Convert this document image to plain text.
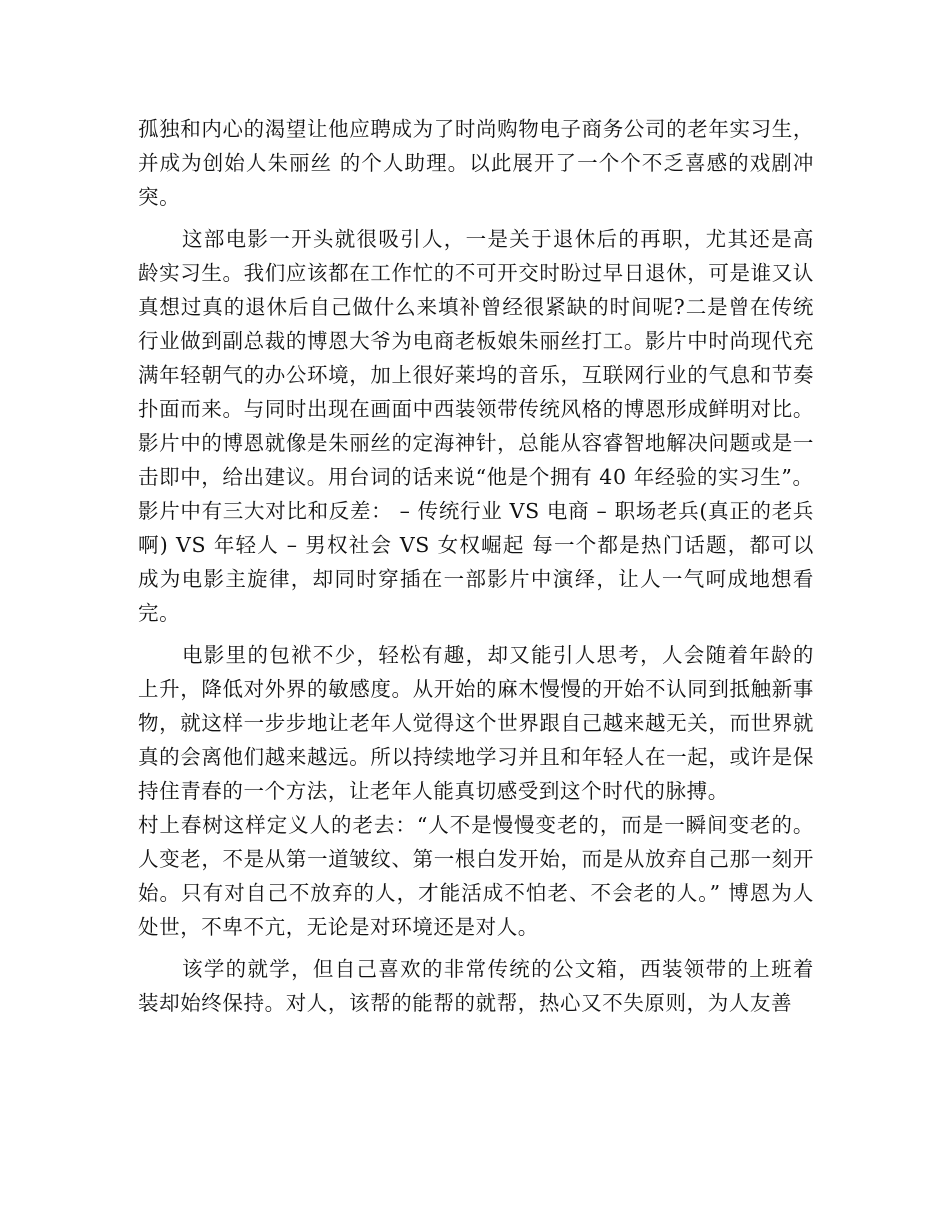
孤独和内心的渴望让他应聘成为了时尚购物电子商务公司的老年实习生，并成为创始人朱丽丝 的个人助理。以此展开了一个个不乏喜感的戏剧冲突。

这部电影一开头就很吸引人，一是关于退休后的再职，尤其还是高龄实习生。我们应该都在工作忙的不可开交时盼过早日退休，可是谁又认真想过真的退休后自己做什么来填补曾经很紧缺的时间呢?二是曾在传统行业做到副总裁的博恩大爷为电商老板娘朱丽丝打工。影片中时尚现代充满年轻朝气的办公环境，加上很好莱坞的音乐，互联网行业的气息和节奏扑面而来。与同时出现在画面中西装领带传统风格的博恩形成鲜明对比。影片中的博恩就像是朱丽丝的定海神针，总能从容睿智地解决问题或是一击即中，给出建议。用台词的话来说“他是个拥有 40 年经验的实习生”。

影片中有三大对比和反差： – 传统行业 VS 电商 – 职场老兵(真正的老兵啊) VS 年轻人 – 男权社会 VS 女权崛起 每一个都是热门话题，都可以成为电影主旋律，却同时穿插在一部影片中演绎，让人一气呵成地想看完。

电影里的包袱不少，轻松有趣，却又能引人思考，人会随着年龄的上升，降低对外界的敏感度。从开始的麻木慢慢的开始不认同到抵触新事物，就这样一步步地让老年人觉得这个世界跟自己越来越无关，而世界就真的会离他们越来越远。所以持续地学习并且和年轻人在一起，或许是保持住青春的一个方法，让老年人能真切感受到这个时代的脉搏。

村上春树这样定义人的老去：“人不是慢慢变老的，而是一瞬间变老的。人变老，不是从第一道皱纹、第一根白发开始，而是从放弃自己那一刻开始。只有对自己不放弃的人，才能活成不怕老、不会老的人。” 博恩为人处世，不卑不亢，无论是对环境还是对人。

该学的就学，但自己喜欢的非常传统的公文箱，西装领带的上班着装却始终保持。对人，该帮的能帮的就帮，热心又不失原则，为人友善
